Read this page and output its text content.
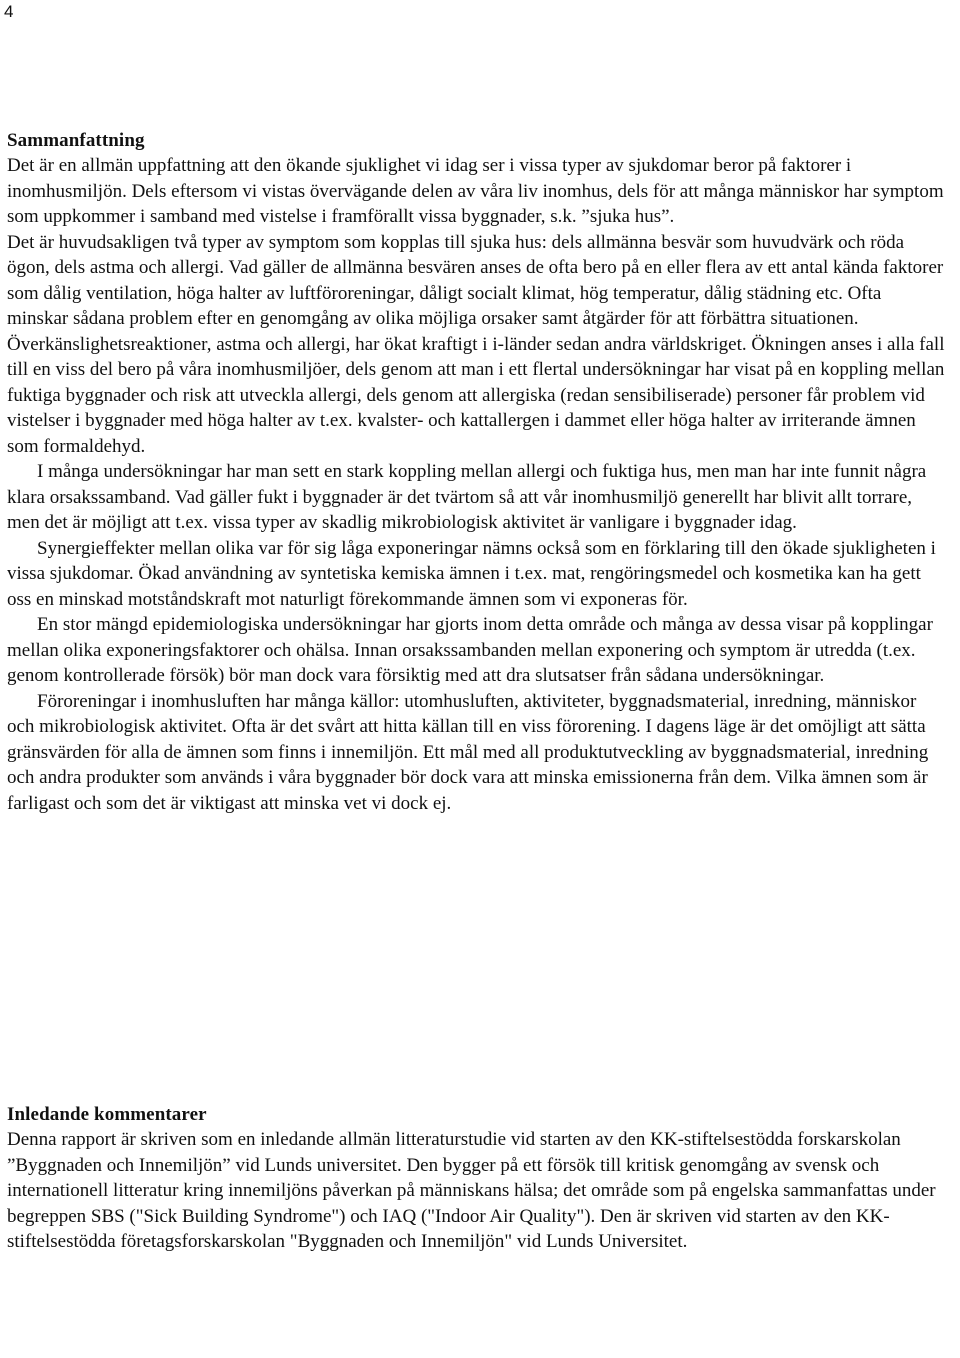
4
Sammanfattning

Det är en allmän uppfattning att den ökande sjuklighet vi idag ser i vissa typer av sjukdomar beror på faktorer i inomhusmiljön. Dels eftersom vi vistas övervägande delen av våra liv inomhus, dels för att många människor har symptom som uppkommer i samband med vistelse i framförallt vissa byggnader, s.k. ”sjuka hus”.

Det är huvudsakligen två typer av symptom som kopplas till sjuka hus: dels allmänna besvär som huvudvärk och röda ögon, dels astma och allergi. Vad gäller de allmänna besvären anses de ofta bero på en eller flera av ett antal kända faktorer som dålig ventilation, höga halter av luftföroreningar, dåligt socialt klimat, hög temperatur, dålig städning etc. Ofta minskar sådana problem efter en genomgång av olika möjliga orsaker samt åtgärder för att förbättra situationen.

Överkänslighetsreaktioner, astma och allergi, har ökat kraftigt i i-länder sedan andra världskriget. Ökningen anses i alla fall till en viss del bero på våra inomhusmiljöer, dels genom att man i ett flertal undersökningar har visat på en koppling mellan fuktiga byggnader och risk att utveckla allergi, dels genom att allergiska (redan sensibiliserade) personer får problem vid vistelser i byggnader med höga halter av t.ex. kvalster- och kattallergen i dammet eller höga halter av irriterande ämnen som formaldehyd.

I många undersökningar har man sett en stark koppling mellan allergi och fuktiga hus, men man har inte funnit några klara orsakssamband. Vad gäller fukt i byggnader är det tvärtom så att vår inomhusmiljö generellt har blivit allt torrare, men det är möjligt att t.ex. vissa typer av skadlig mikrobiologisk aktivitet är vanligare i byggnader idag.

Synergieffekter mellan olika var för sig låga exponeringar nämns också som en förklaring till den ökade sjukligheten i vissa sjukdomar. Ökad användning av syntetiska kemiska ämnen i t.ex. mat, rengöringsmedel och kosmetika kan ha gett oss en minskad motståndskraft mot naturligt förekommande ämnen som vi exponeras för.

En stor mängd epidemiologiska undersökningar har gjorts inom detta område och många av dessa visar på kopplingar mellan olika exponeringsfaktorer och ohälsa. Innan orsakssambanden mellan exponering och symptom är utredda (t.ex. genom kontrollerade försök) bör man dock vara försiktig med att dra slutsatser från sådana undersökningar.

Föroreningar i inomhusluften har många källor: utomhusluften, aktiviteter, byggnadsmaterial, inredning, människor och mikrobiologisk aktivitet. Ofta är det svårt att hitta källan till en viss förorening. I dagens läge är det omöjligt att sätta gränsvärden för alla de ämnen som finns i innemiljön. Ett mål med all produktutveckling av byggnadsmaterial, inredning och andra produkter som används i våra byggnader bör dock vara att minska emissionerna från dem. Vilka ämnen som är farligast och som det är viktigast att minska vet vi dock ej.

Inledande kommentarer

Denna rapport är skriven som en inledande allmän litteraturstudie vid starten av den KK-stiftelsestödda forskarskolan ”Byggnaden och Innemiljön” vid Lunds universitet. Den bygger på ett försök till kritisk genomgång av svensk och internationell litteratur kring innemiljöns påverkan på människans hälsa; det område som på engelska sammanfattas under begreppen SBS ("Sick Building Syndrome") och IAQ ("Indoor Air Quality"). Den är skriven vid starten av den KK-stiftelsestödda företagsforskarskolan "Byggnaden och Innemiljön" vid Lunds Universitet.
